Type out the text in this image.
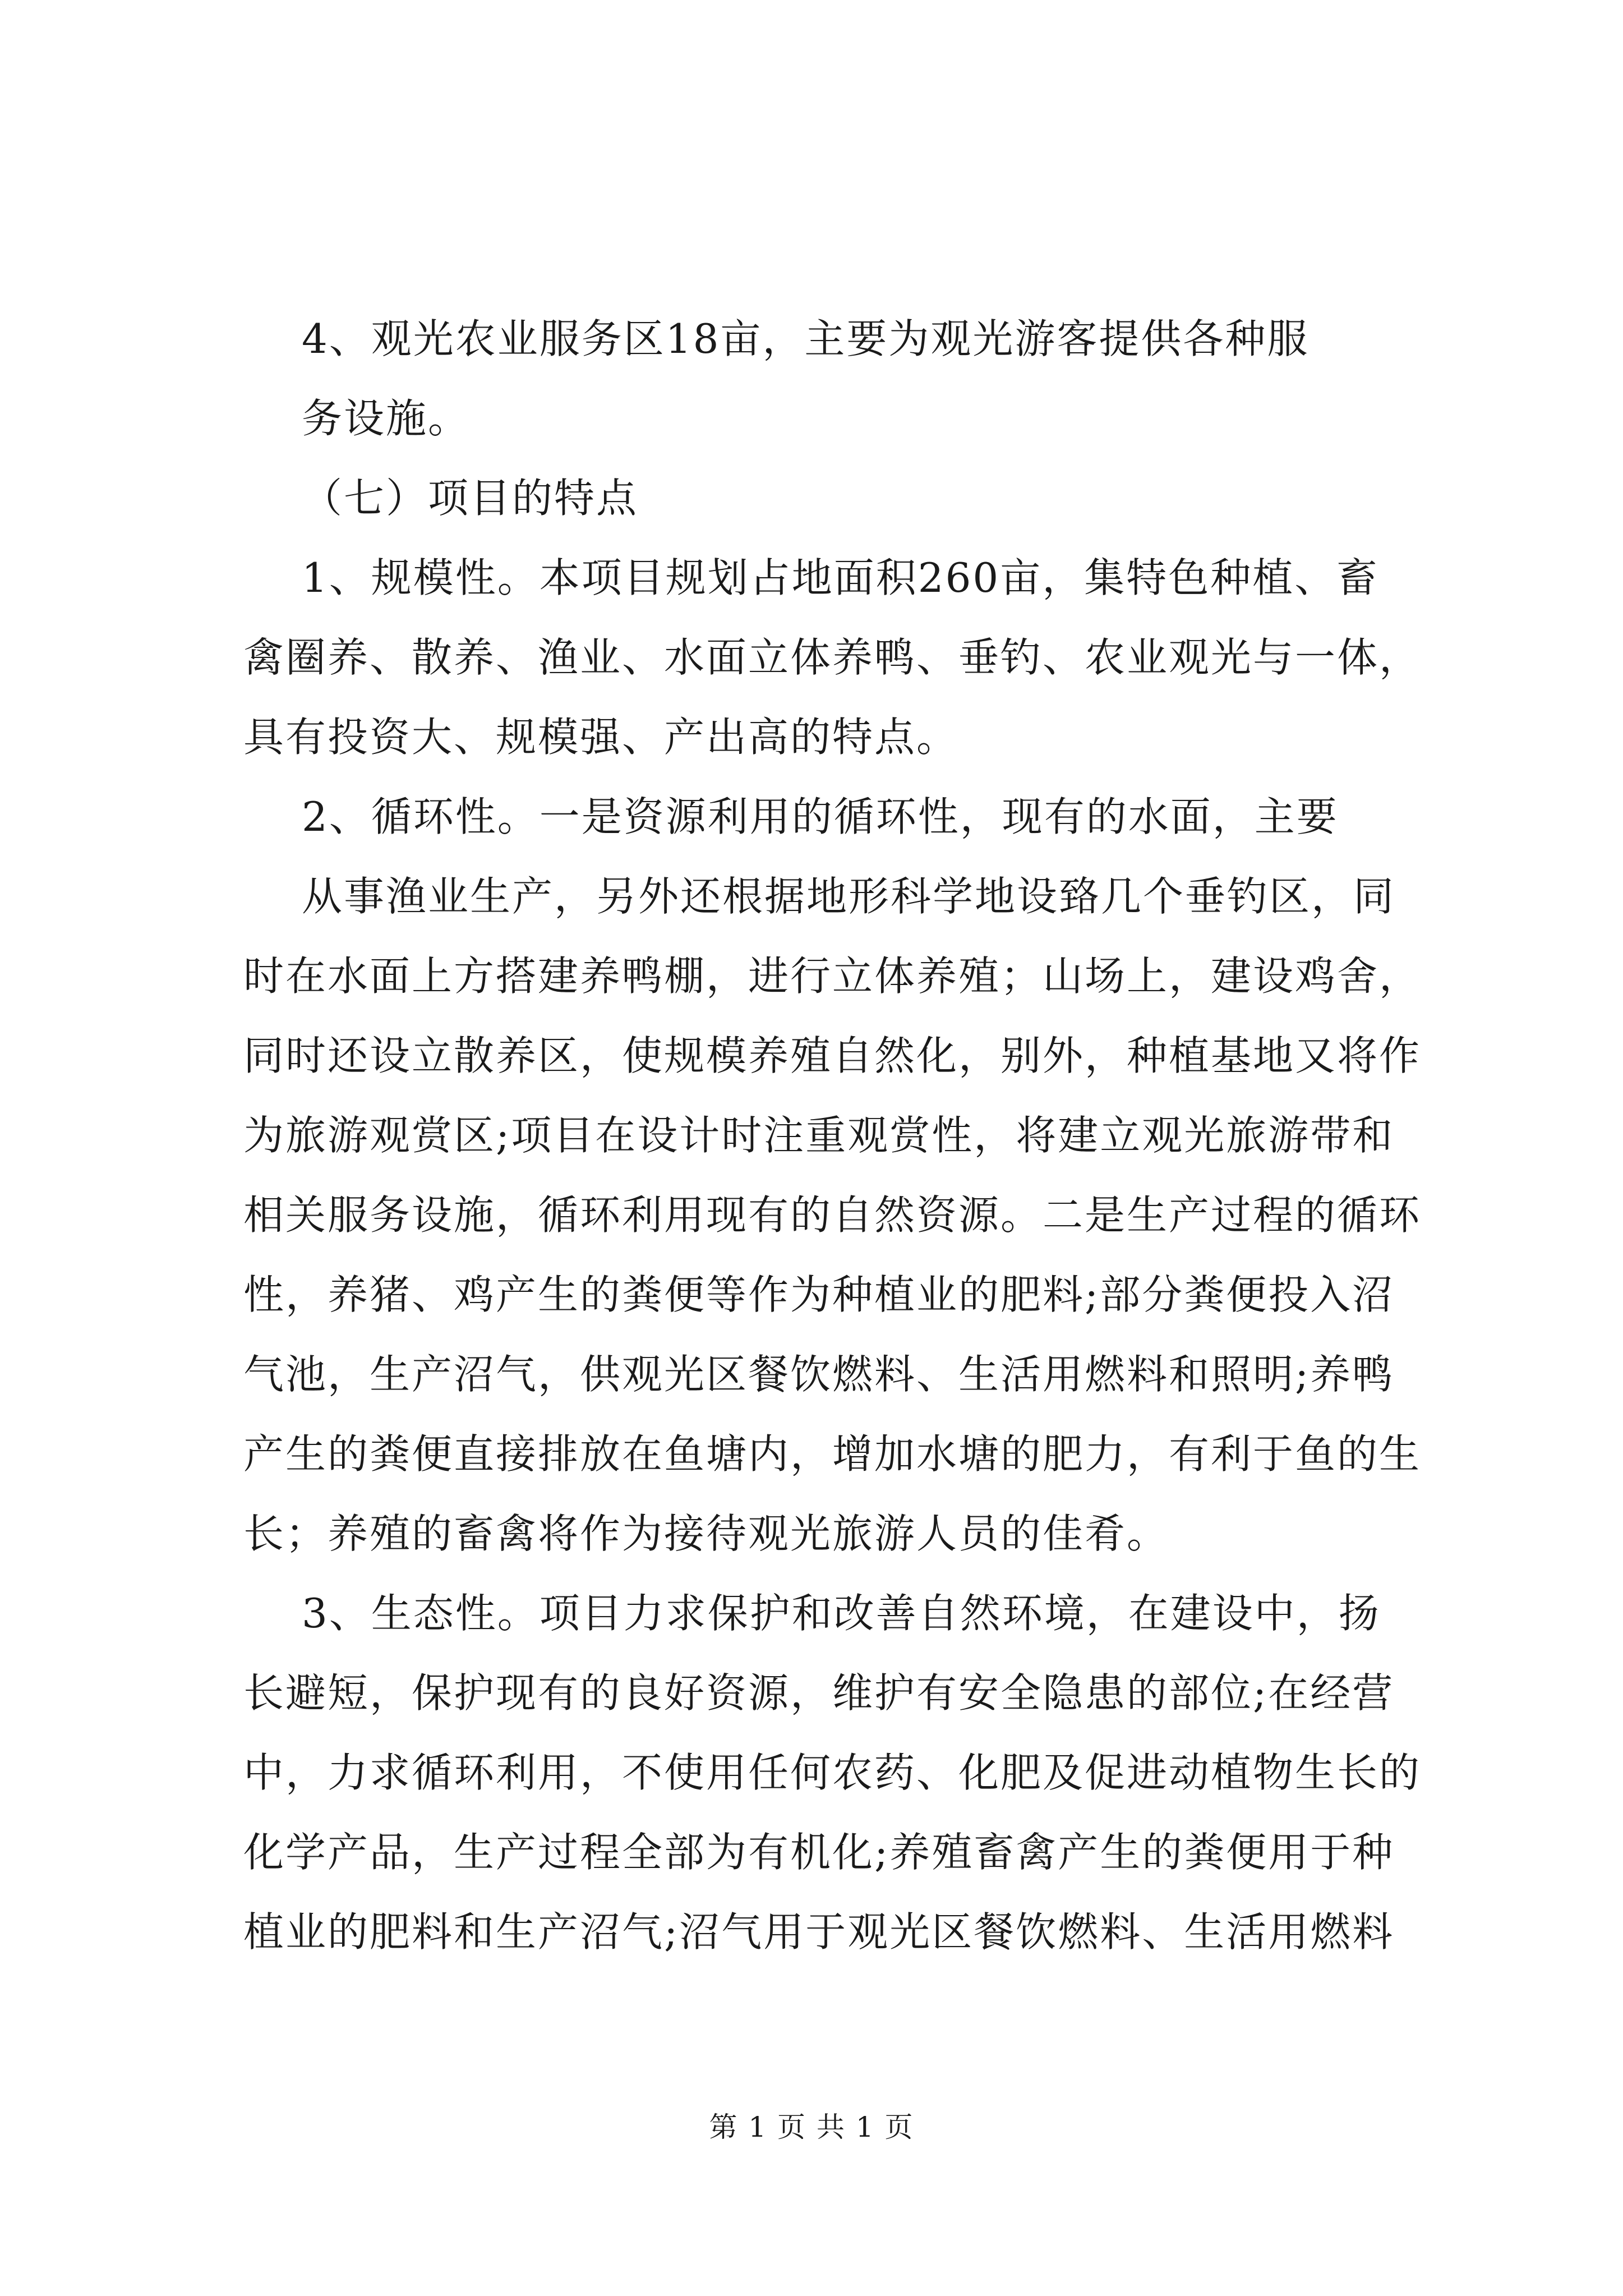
4、观光农业服务区18亩，主要为观光游客提供各种服
务设施。
（七）项目的特点
1、规模性。本项目规划占地面积260亩，集特色种植、畜
禽圈养、散养、渔业、水面立体养鸭、垂钓、农业观光与一体，
具有投资大、规模强、产出高的特点。
2、循环性。一是资源利用的循环性，现有的水面，主要
从事渔业生产，另外还根据地形科学地设臵几个垂钓区，同
时在水面上方搭建养鸭棚，进行立体养殖；山场上，建设鸡舍，
同时还设立散养区，使规模养殖自然化，别外，种植基地又将作
为旅游观赏区;项目在设计时注重观赏性，将建立观光旅游带和
相关服务设施，循环利用现有的自然资源。二是生产过程的循环
性，养猪、鸡产生的粪便等作为种植业的肥料;部分粪便投入沼
气池，生产沼气，供观光区餐饮燃料、生活用燃料和照明;养鸭
产生的粪便直接排放在鱼塘内，增加水塘的肥力，有利于鱼的生
长；养殖的畜禽将作为接待观光旅游人员的佳肴。
3、生态性。项目力求保护和改善自然环境，在建设中，扬
长避短，保护现有的良好资源，维护有安全隐患的部位;在经营
中，力求循环利用，不使用任何农药、化肥及促进动植物生长的
化学产品，生产过程全部为有机化;养殖畜禽产生的粪便用于种
植业的肥料和生产沼气;沼气用于观光区餐饮燃料、生活用燃料
第 1 页 共 1 页
